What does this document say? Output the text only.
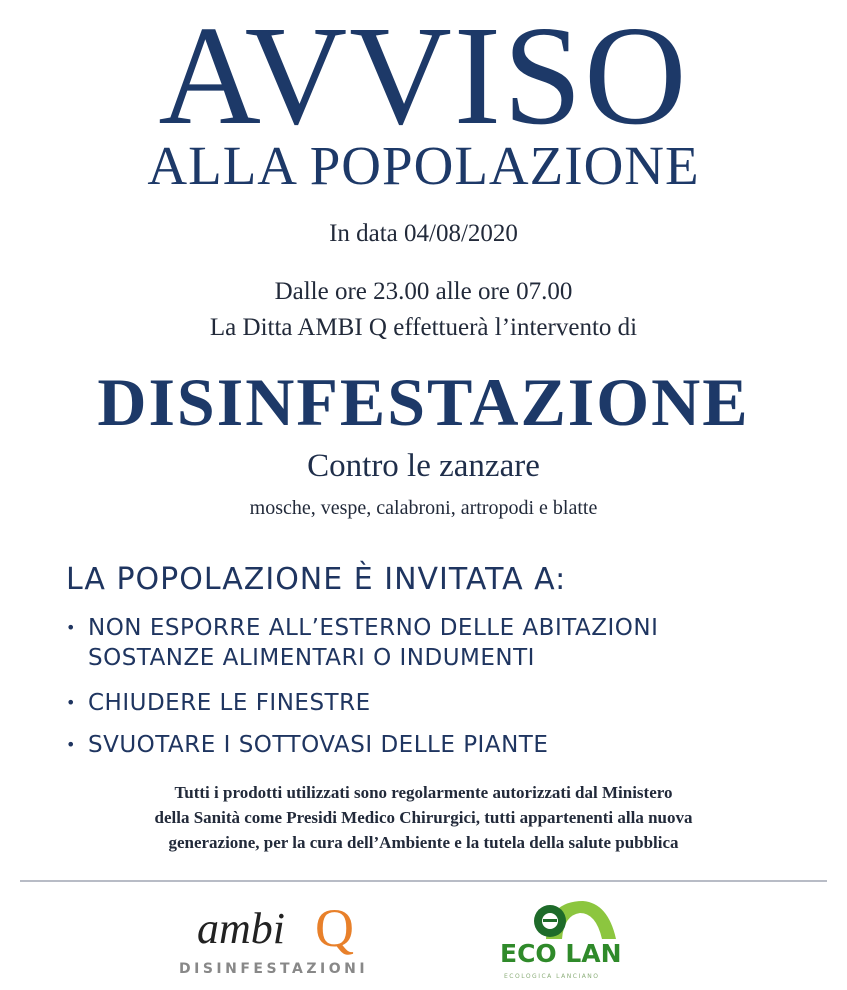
AVVISO
ALLA POPOLAZIONE
In data 04/08/2020
Dalle ore 23.00 alle ore 07.00
La Ditta AMBI Q effettuerà l’intervento di
DISINFESTAZIONE
Contro le zanzare
mosche, vespe, calabroni, artropodi e blatte
LA POPOLAZIONE È INVITATA A:
• NON ESPORRE ALL’ESTERNO DELLE ABITAZIONI
SOSTANZE ALIMENTARI O INDUMENTI
• CHIUDERE LE FINESTRE
• SVUOTARE I SOTTOVASI DELLE PIANTE
Tutti i prodotti utilizzati sono regolarmente autorizzati dal Ministero
della Sanità come Presidi Medico Chirurgici, tutti appartenenti alla nuova
generazione, per la cura dell’Ambiente e la tutela della salute pubblica
ambi Q
DISINFESTAZIONI
ECO LAN
ECOLOGICA LANCIANO
